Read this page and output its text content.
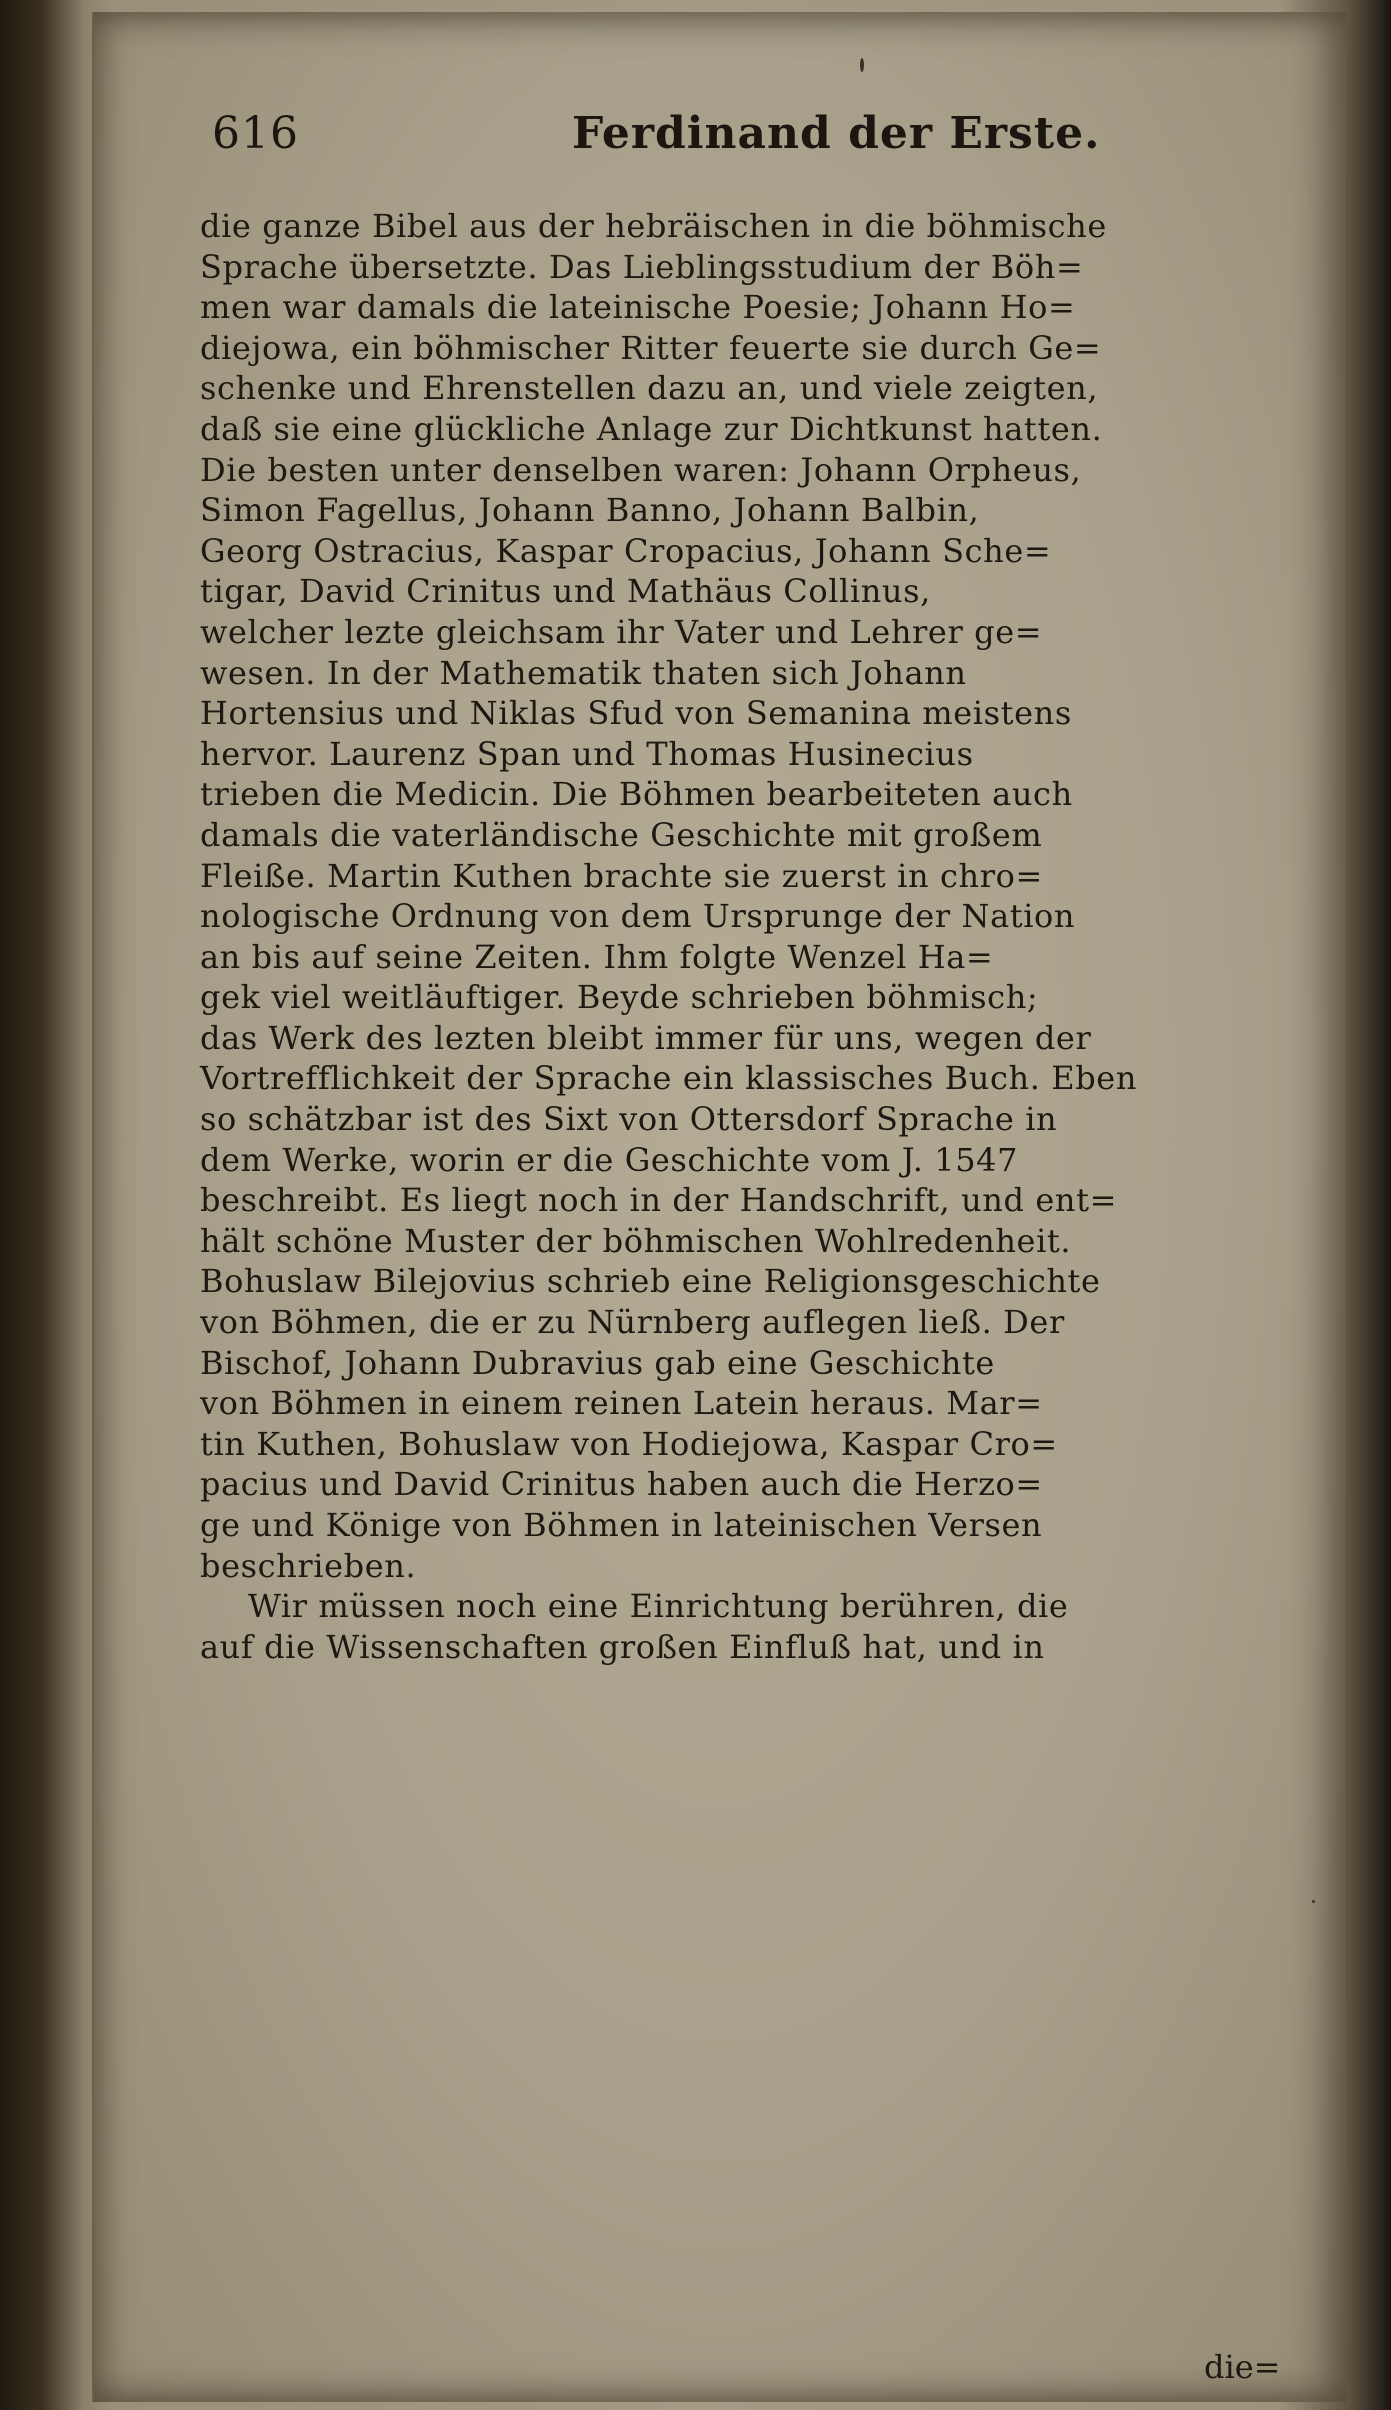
616	Ferdinand der Erste.
die ganze Bibel aus der hebräischen in die böhmische
Sprache übersetzte. Das Lieblingsstudium der Böh=
men war damals die lateinische Poesie; Johann Ho=
diejowa, ein böhmischer Ritter feuerte sie durch Ge=
schenke und Ehrenstellen dazu an, und viele zeigten,
daß sie eine glückliche Anlage zur Dichtkunst hatten.
Die besten unter denselben waren: Johann Orpheus,
Simon Fagellus, Johann Banno, Johann Balbin,
Georg Ostracius, Kaspar Cropacius, Johann Sche=
tigar, David Crinitus und Mathäus Collinus,
welcher lezte gleichsam ihr Vater und Lehrer ge=
wesen. In der Mathematik thaten sich Johann
Hortensius und Niklas Sfud von Semanina meistens
hervor. Laurenz Span und Thomas Husinecius
trieben die Medicin. Die Böhmen bearbeiteten auch
damals die vaterländische Geschichte mit großem
Fleiße. Martin Kuthen brachte sie zuerst in chro=
nologische Ordnung von dem Ursprunge der Nation
an bis auf seine Zeiten. Ihm folgte Wenzel Ha=
gek viel weitläuftiger. Beyde schrieben böhmisch;
das Werk des lezten bleibt immer für uns, wegen der
Vortrefflichkeit der Sprache ein klassisches Buch. Eben
so schätzbar ist des Sixt von Ottersdorf Sprache in
dem Werke, worin er die Geschichte vom J. 1547
beschreibt. Es liegt noch in der Handschrift, und ent=
hält schöne Muster der böhmischen Wohlredenheit.
Bohuslaw Bilejovius schrieb eine Religionsgeschichte
von Böhmen, die er zu Nürnberg auflegen ließ. Der
Bischof, Johann Dubravius gab eine Geschichte
von Böhmen in einem reinen Latein heraus. Mar=
tin Kuthen, Bohuslaw von Hodiejowa, Kaspar Cro=
pacius und David Crinitus haben auch die Herzo=
ge und Könige von Böhmen in lateinischen Versen
beschrieben.
Wir müssen noch eine Einrichtung berühren, die
auf die Wissenschaften großen Einfluß hat, und in
die=
